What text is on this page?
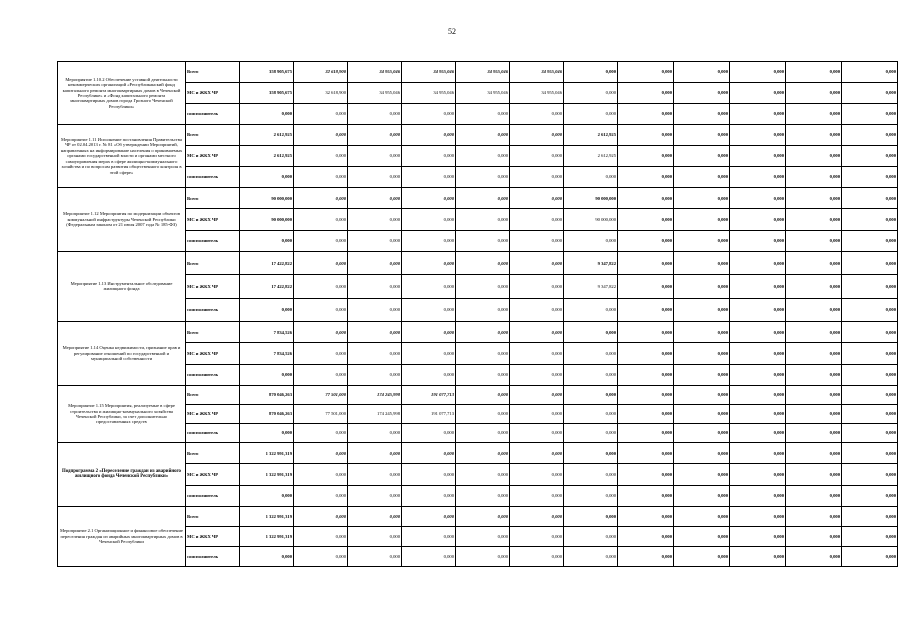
52
Мероприятие 1.10.2 Обеспечение уставной деятельности некоммерческих организаций «Республиканский фонд капитального ремонта многоквартирных домов в Чеченской Республике» и «Фонд капитального ремонта многоквартирных домов города Грозного Чеченской Республики»	Всего	358 905,675	32 618,900	34 955,046	34 955,046	34 955,046	34 955,046	0,000	0,000	0,000	0,000	0,000	0,000
	МС и ЖКХ ЧР	358 905,675	32 618,900	34 955,046	34 955,046	34 955,046	34 955,046	0,000	0,000	0,000	0,000	0,000	0,000
	соисполнитель	0,000	0,000	0,000	0,000	0,000	0,000	0,000	0,000	0,000	0,000	0,000	0,000
Мероприятие 1.11 Исполнение постановления Правительства ЧР от 02.04.2013 г. № 81 «Об утверждении Мероприятий, направленных на информирование населения о принимаемых органами государственной власти и органами местного самоуправления мерах в сфере жилищно-коммунального хозяйства и по вопросам развития общественного контроля в этой сфере»	Всего	2 612,925	0,000	0,000	0,000	0,000	0,000	2 612,925	0,000	0,000	0,000	0,000	0,000
	МС и ЖКХ ЧР	2 612,925	0,000	0,000	0,000	0,000	0,000	2 612,925	0,000	0,000	0,000	0,000	0,000
	соисполнитель	0,000	0,000	0,000	0,000	0,000	0,000	0,000	0,000	0,000	0,000	0,000	0,000
Мероприятие 1.12 Мероприятия по модернизации объектов коммунальной инфраструктуры Чеченской Республики (Федеральным законом от 21 июля 2007 года № 185-ФЗ)	Всего	90 000,000	0,000	0,000	0,000	0,000	0,000	90 000,000	0,000	0,000	0,000	0,000	0,000
	МС и ЖКХ ЧР	90 000,000	0,000	0,000	0,000	0,000	0,000	90 000,000	0,000	0,000	0,000	0,000	0,000
	соисполнитель	0,000	0,000	0,000	0,000	0,000	0,000	0,000	0,000	0,000	0,000	0,000	0,000
Мероприятие 1.13 Инструментальное обследование жилищного фонда	Всего	17 422,822	0,000	0,000	0,000	0,000	0,000	9 347,822	0,000	0,000	0,000	0,000	0,000
	МС и ЖКХ ЧР	17 422,822	0,000	0,000	0,000	0,000	0,000	9 347,822	0,000	0,000	0,000	0,000	0,000
	соисполнитель	0,000	0,000	0,000	0,000	0,000	0,000	0,000	0,000	0,000	0,000	0,000	0,000
Мероприятие 1.14 Оценка недвижимости, признание прав и регулирование отношений по государственной и муниципальной собственности	Всего	7 834,526	0,000	0,000	0,000	0,000	0,000	0,000	0,000	0,000	0,000	0,000	0,000
	МС и ЖКХ ЧР	7 834,526	0,000	0,000	0,000	0,000	0,000	0,000	0,000	0,000	0,000	0,000	0,000
	соисполнитель	0,000	0,000	0,000	0,000	0,000	0,000	0,000	0,000	0,000	0,000	0,000	0,000
Мероприятие 1.15 Мероприятия, реализуемые в сфере строительства и жилищно-коммунального хозяйства Чеченской Республики, за счет дополнительно предоставленных средств	Всего	870 046,263	77 501,000	174 245,998	191 077,713	0,000	0,000	0,000	0,000	0,000	0,000	0,000	0,000
	МС и ЖКХ ЧР	870 046,263	77 501,000	174 245,998	191 077,713	0,000	0,000	0,000	0,000	0,000	0,000	0,000	0,000
	соисполнитель	0,000	0,000	0,000	0,000	0,000	0,000	0,000	0,000	0,000	0,000	0,000	0,000
Подпрограмма 2 «Переселение граждан из аварийного жилищного фонда Чеченской Республики»	Всего	1 322 991,319	0,000	0,000	0,000	0,000	0,000	0,000	0,000	0,000	0,000	0,000	0,000
	МС и ЖКХ ЧР	1 322 991,319	0,000	0,000	0,000	0,000	0,000	0,000	0,000	0,000	0,000	0,000	0,000
	соисполнитель	0,000	0,000	0,000	0,000	0,000	0,000	0,000	0,000	0,000	0,000	0,000	0,000
Мероприятие 2.1 Организационное и финансовое обеспечение переселения граждан из аварийных многоквартирных домов в Чеченской Республики	Всего	1 322 991,319	0,000	0,000	0,000	0,000	0,000	0,000	0,000	0,000	0,000	0,000	0,000
	МС и ЖКХ ЧР	1 322 991,319	0,000	0,000	0,000	0,000	0,000	0,000	0,000	0,000	0,000	0,000	0,000
	соисполнитель	0,000	0,000	0,000	0,000	0,000	0,000	0,000	0,000	0,000	0,000	0,000	0,000
